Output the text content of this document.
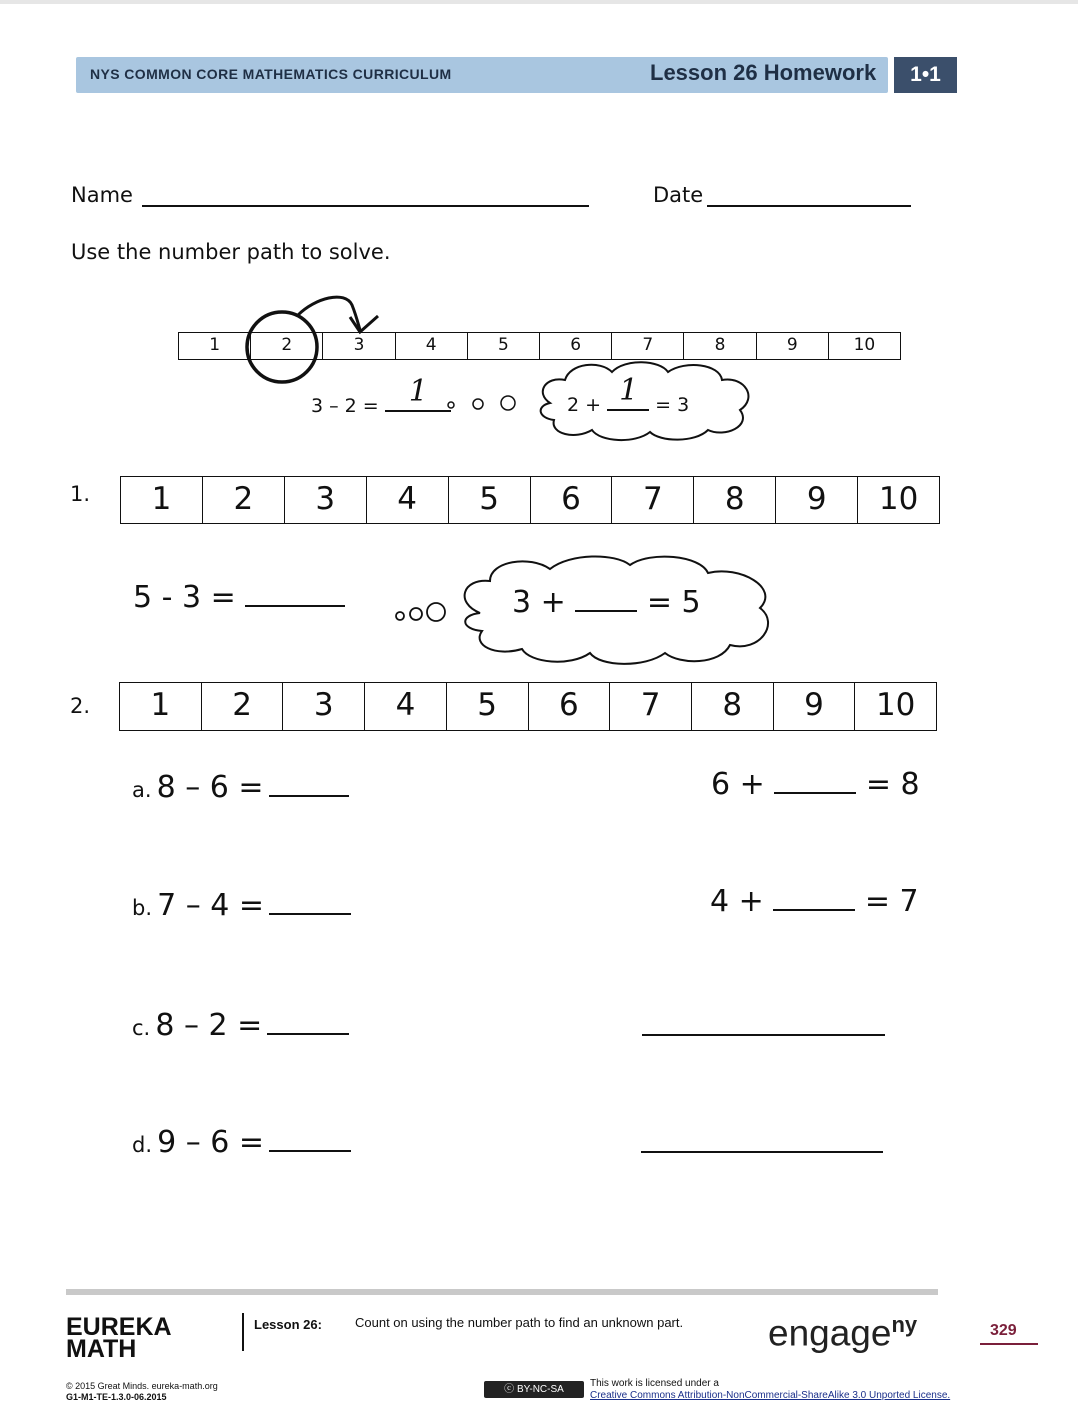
NYS COMMON CORE MATHEMATICS CURRICULUM	Lesson 26 Homework	1•1
Name	Date
Use the number path to solve.
1	2	3	4	5	6	7	8	9	10
3 – 2 = 1	2 + 1 = 3
1.	1	2	3	4	5	6	7	8	9	10
5 - 3 =	3 +	= 5
2.	1	2	3	4	5	6	7	8	9	10
a. 8 – 6 =	6 +	= 8
b. 7 – 4 =	4 +	= 7
c. 8 – 2 =
d. 9 – 6 =
EUREKA
MATH
Lesson 26:	Count on using the number path to find an unknown part. engage$^{ny}$	329
© 2015 Great Minds. eureka-math.org
G1-M1-TE-1.3.0-06.2015
ⓒ BY-NC-SA
This work is licensed under a
Creative Commons Attribution-NonCommercial-ShareAlike 3.0 Unported License.
